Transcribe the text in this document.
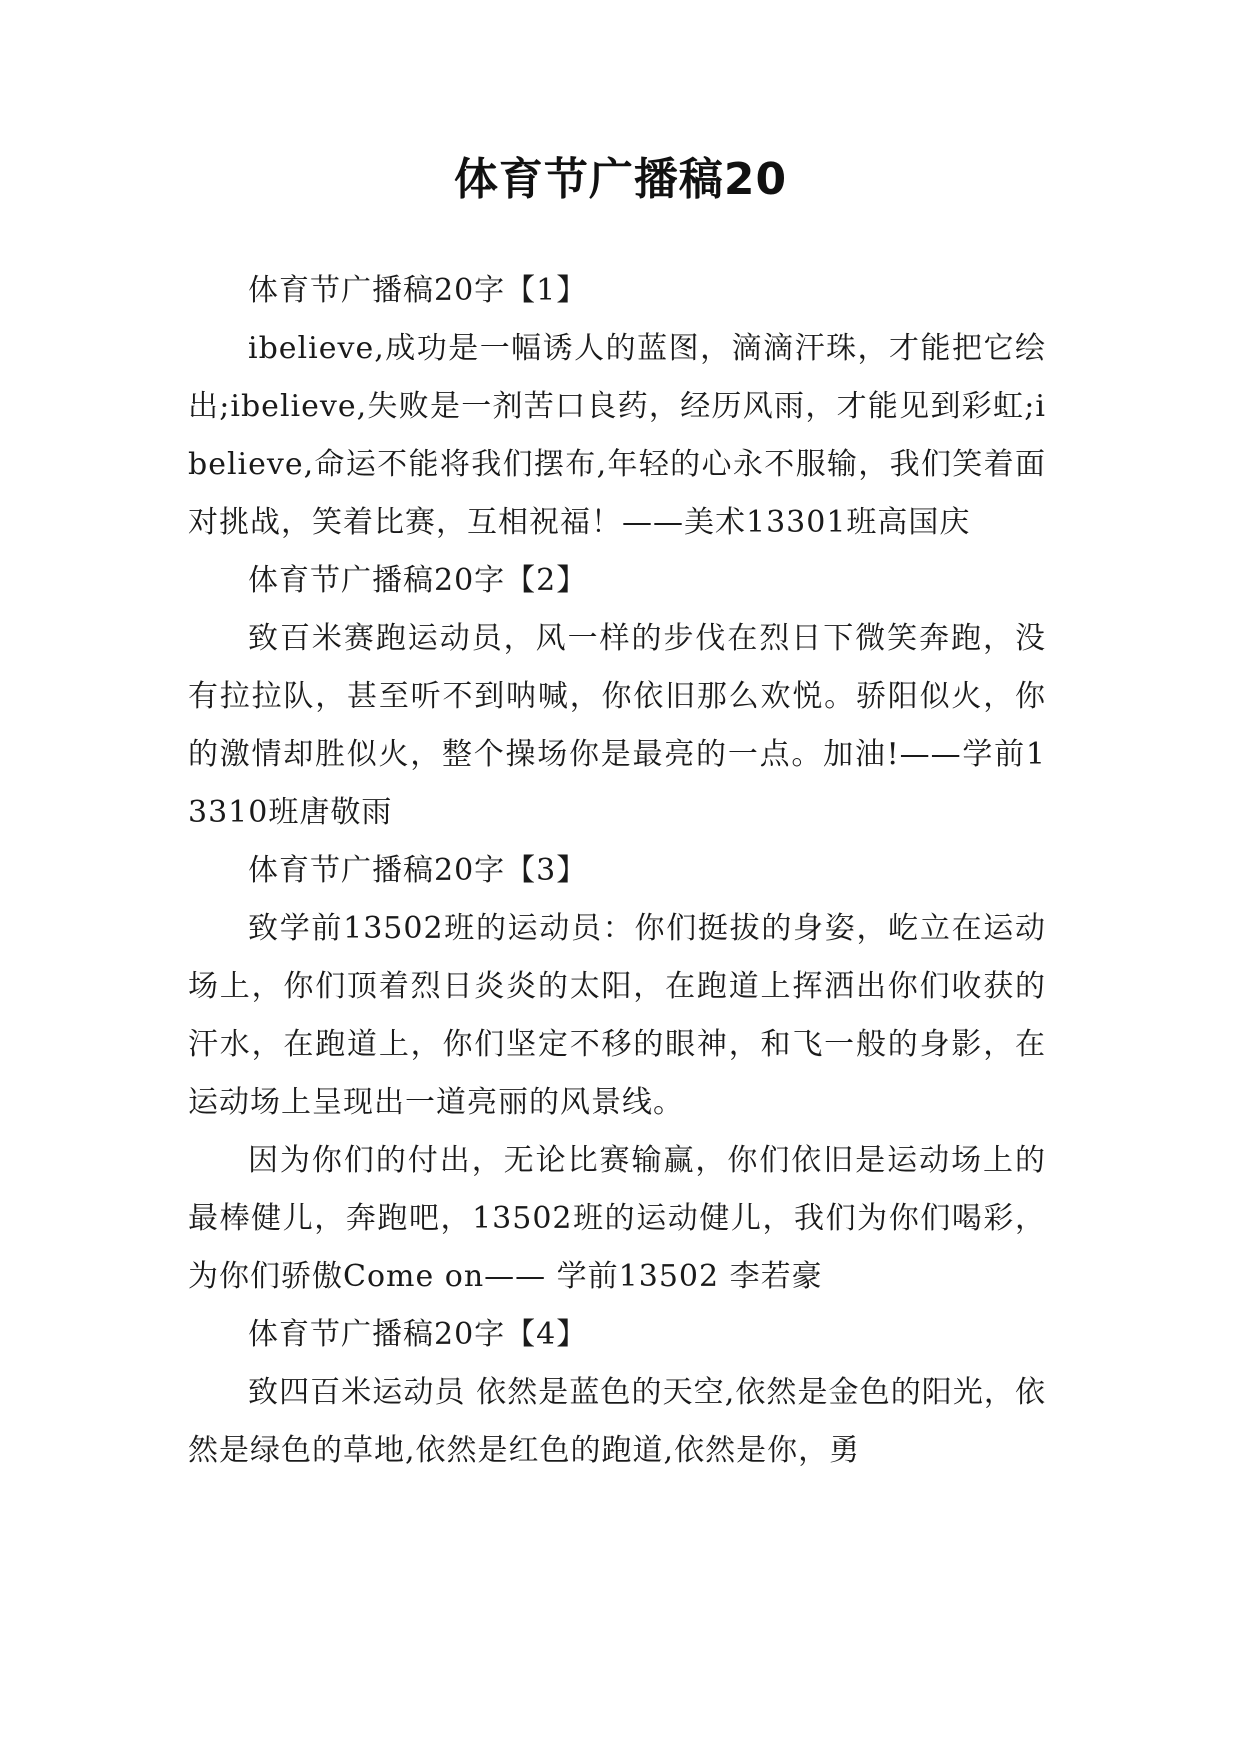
体育节广播稿20

体育节广播稿20字【1】

ibelieve,成功是一幅诱人的蓝图，滴滴汗珠，才能把它绘出;ibelieve,失败是一剂苦口良药，经历风雨，才能见到彩虹;ibelieve,命运不能将我们摆布,年轻的心永不服输，我们笑着面对挑战，笑着比赛，互相祝福！——美术13301班高国庆

体育节广播稿20字【2】

致百米赛跑运动员，风一样的步伐在烈日下微笑奔跑，没有拉拉队，甚至听不到呐喊，你依旧那么欢悦。骄阳似火，你的激情却胜似火，整个操场你是最亮的一点。加油!——学前13310班唐敬雨

体育节广播稿20字【3】

致学前13502班的运动员：你们挺拔的身姿，屹立在运动场上，你们顶着烈日炎炎的太阳，在跑道上挥洒出你们收获的汗水，在跑道上，你们坚定不移的眼神，和飞一般的身影，在运动场上呈现出一道亮丽的风景线。

因为你们的付出，无论比赛输赢，你们依旧是运动场上的最棒健儿，奔跑吧，13502班的运动健儿，我们为你们喝彩，为你们骄傲Come on—— 学前13502 李若豪

体育节广播稿20字【4】

致四百米运动员 依然是蓝色的天空,依然是金色的阳光，依然是绿色的草地,依然是红色的跑道,依然是你，勇
